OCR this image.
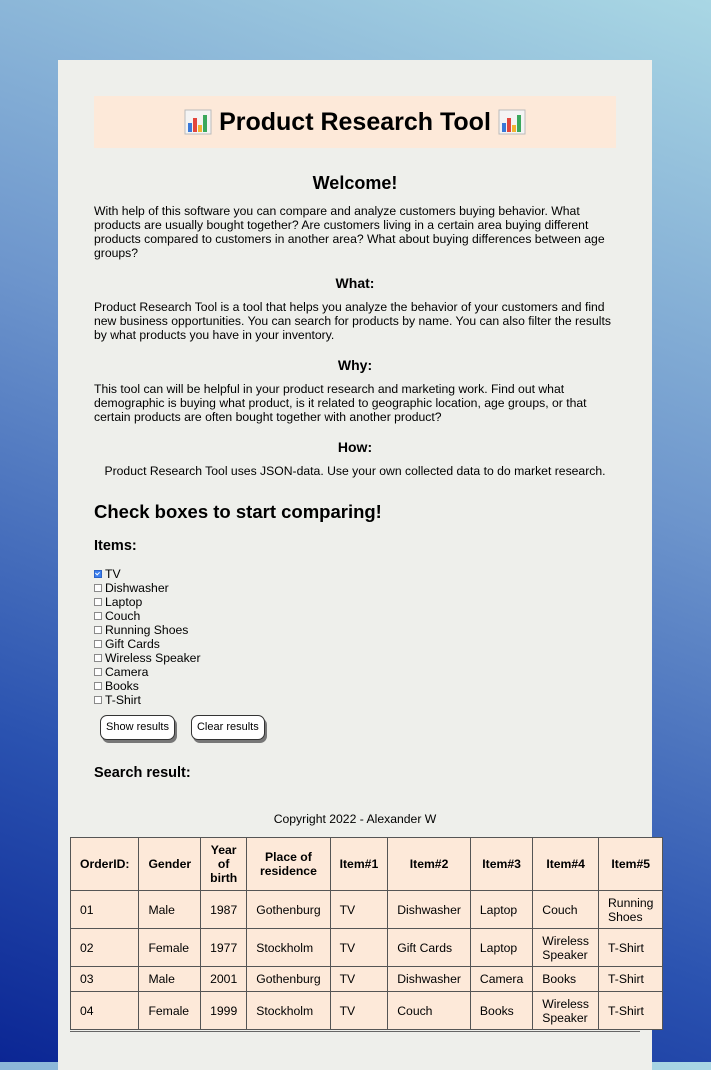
Product Research Tool
Welcome!

With help of this software you can compare and analyze customers buying behavior. What products are usually bought together? Are customers living in a certain area buying different products compared to customers in another area? What about buying differences between age groups?

What:

Product Research Tool is a tool that helps you analyze the behavior of your customers and find new business opportunities. You can search for products by name. You can also filter the results by what products you have in your inventory.

Why:

This tool can will be helpful in your product research and marketing work. Find out what demographic is buying what product, is it related to geographic location, age groups, or that certain products are often bought together with another product?

How:

Product Research Tool uses JSON-data. Use your own collected data to do market research.

Check boxes to start comparing!
Items:
TV
Dishwasher
Laptop
Couch
Running Shoes
Gift Cards
Wireless Speaker
Camera
Books
T-Shirt
Show results	Clear results
Search result:
Copyright 2022 - Alexander W
OrderID:	Gender	Year of birth	Place of residence	Item#1	Item#2	Item#3	Item#4	Item#5
01	Male	1987	Gothenburg	TV	Dishwasher	Laptop	Couch	Running Shoes
02	Female	1977	Stockholm	TV	Gift Cards	Laptop	Wireless Speaker	T-Shirt
03	Male	2001	Gothenburg	TV	Dishwasher	Camera	Books	T-Shirt
04	Female	1999	Stockholm	TV	Couch	Books	Wireless Speaker	T-Shirt
